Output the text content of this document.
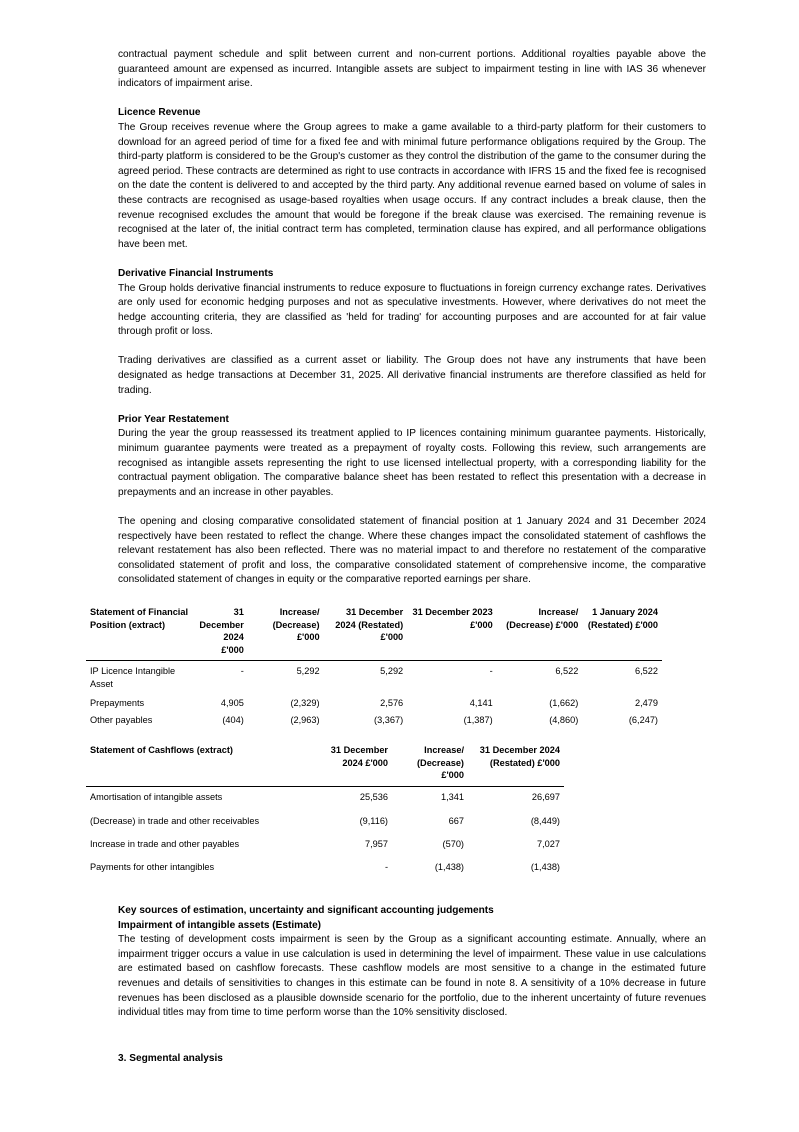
contractual payment schedule and split between current and non-current portions. Additional royalties payable above the guaranteed amount are expensed as incurred. Intangible assets are subject to impairment testing in line with IAS 36 whenever indicators of impairment arise.

Licence Revenue

The Group receives revenue where the Group agrees to make a game available to a third-party platform for their customers to download for an agreed period of time for a fixed fee and with minimal future performance obligations required by the Group. The third-party platform is considered to be the Group's customer as they control the distribution of the game to the consumer during the agreed period. These contracts are determined as right to use contracts in accordance with IFRS 15 and the fixed fee is recognised on the date the content is delivered to and accepted by the third party. Any additional revenue earned based on volume of sales in these contracts are recognised as usage-based royalties when usage occurs. If any contract includes a break clause, then the revenue recognised excludes the amount that would be foregone if the break clause was exercised. The remaining revenue is recognised at the later of, the initial contract term has completed, termination clause has expired, and all performance obligations have been met.

Derivative Financial Instruments

The Group holds derivative financial instruments to reduce exposure to fluctuations in foreign currency exchange rates. Derivatives are only used for economic hedging purposes and not as speculative investments. However, where derivatives do not meet the hedge accounting criteria, they are classified as 'held for trading' for accounting purposes and are accounted for at fair value through profit or loss.

Trading derivatives are classified as a current asset or liability. The Group does not have any instruments that have been designated as hedge transactions at December 31, 2025. All derivative financial instruments are therefore classified as held for trading.

Prior Year Restatement

During the year the group reassessed its treatment applied to IP licences containing minimum guarantee payments. Historically, minimum guarantee payments were treated as a prepayment of royalty costs. Following this review, such arrangements are recognised as intangible assets representing the right to use licensed intellectual property, with a corresponding liability for the contractual payment obligation. The comparative balance sheet has been restated to reflect this presentation with a decrease in prepayments and an increase in other payables.

The opening and closing comparative consolidated statement of financial position at 1 January 2024 and 31 December 2024 respectively have been restated to reflect the change. Where these changes impact the consolidated statement of cashflows the relevant restatement has also been reflected. There was no material impact to and therefore no restatement of the comparative consolidated statement of profit and loss, the comparative consolidated statement of comprehensive income, the comparative consolidated statement of changes in equity or the comparative reported earnings per share.

Statement of Financial Position (extract)	31 December 2024 £'000	Increase/ (Decrease) £'000	31 December 2024 (Restated) £'000	31 December 2023 £'000	Increase/ (Decrease) £'000	1 January 2024 (Restated) £'000
IP Licence Intangible Asset	-	5,292	5,292	-	6,522	6,522
Prepayments	4,905	(2,329)	2,576	4,141	(1,662)	2,479
Other payables	(404)	(2,963)	(3,367)	(1,387)	(4,860)	(6,247)
Statement of Cashflows (extract)	31 December 2024 £'000	Increase/ (Decrease) £'000	31 December 2024 (Restated) £'000
Amortisation of intangible assets	25,536	1,341	26,697
(Decrease) in trade and other receivables	(9,116)	667	(8,449)
Increase in trade and other payables	7,957	(570)	7,027
Payments for other intangibles	-	(1,438)	(1,438)
Key sources of estimation, uncertainty and significant accounting judgements
Impairment of intangible assets (Estimate)

The testing of development costs impairment is seen by the Group as a significant accounting estimate. Annually, where an impairment trigger occurs a value in use calculation is used in determining the level of impairment. These value in use calculations are estimated based on cashflow forecasts. These cashflow models are most sensitive to a change in the estimated future revenues and details of sensitivities to changes in this estimate can be found in note 8. A sensitivity of a 10% decrease in future revenues has been disclosed as a plausible downside scenario for the portfolio, due to the inherent uncertainty of future revenues individual titles may from time to time perform worse than the 10% sensitivity disclosed.

3. Segmental analysis
